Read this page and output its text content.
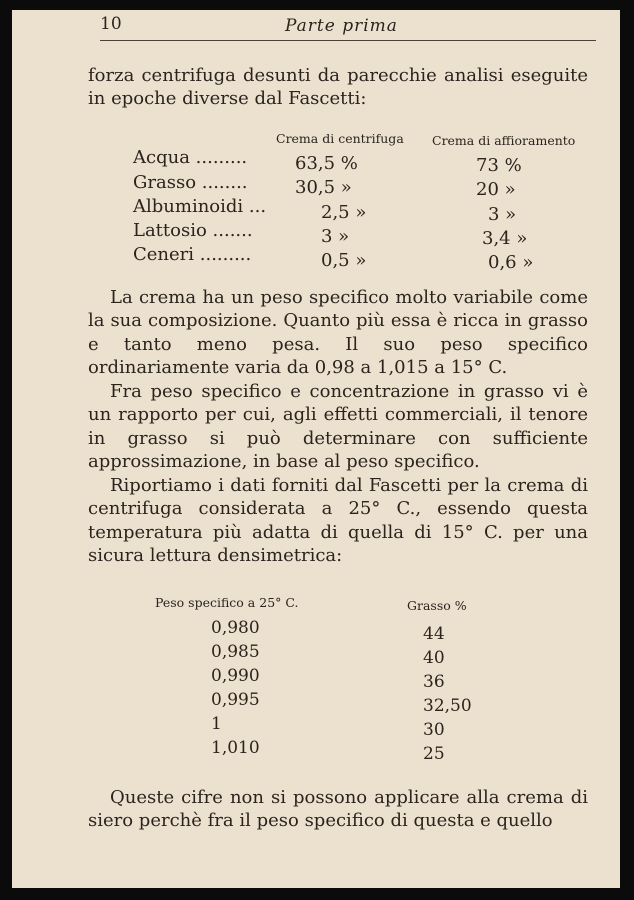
10	Parte prima

forza centrifuga desunti da parecchie analisi eseguite in epoche diverse dal Fascetti:

Crema di centrifuga Crema di affioramento
Acqua .........	63,5 %	73 %
Grasso ........	30,5 »	20 »
Albuminoidi ...	2,5 »	3 »
Lattosio .......	3 »	3,4 »
Ceneri .........	0,5 »	0,6 »

La crema ha un peso specifico molto variabile come la sua composizione. Quanto più essa è ricca in grasso e tanto meno pesa. Il suo peso specifico ordinariamente varia da 0,98 a 1,015 a 15° C.

Fra peso specifico e concentrazione in grasso vi è un rapporto per cui, agli effetti commerciali, il tenore in grasso si può determinare con sufficiente approssimazione, in base al peso specifico.

Riportiamo i dati forniti dal Fascetti per la crema di centrifuga considerata a 25° C., essendo questa temperatura più adatta di quella di 15° C. per una sicura lettura densimetrica:

Peso specifico a 25° C.	Grasso %
0,980	44
0,985	40
0,990	36
0,995	32,50
1	30
1,010	25

Queste cifre non si possono applicare alla crema di siero perchè fra il peso specifico di questa e quello
